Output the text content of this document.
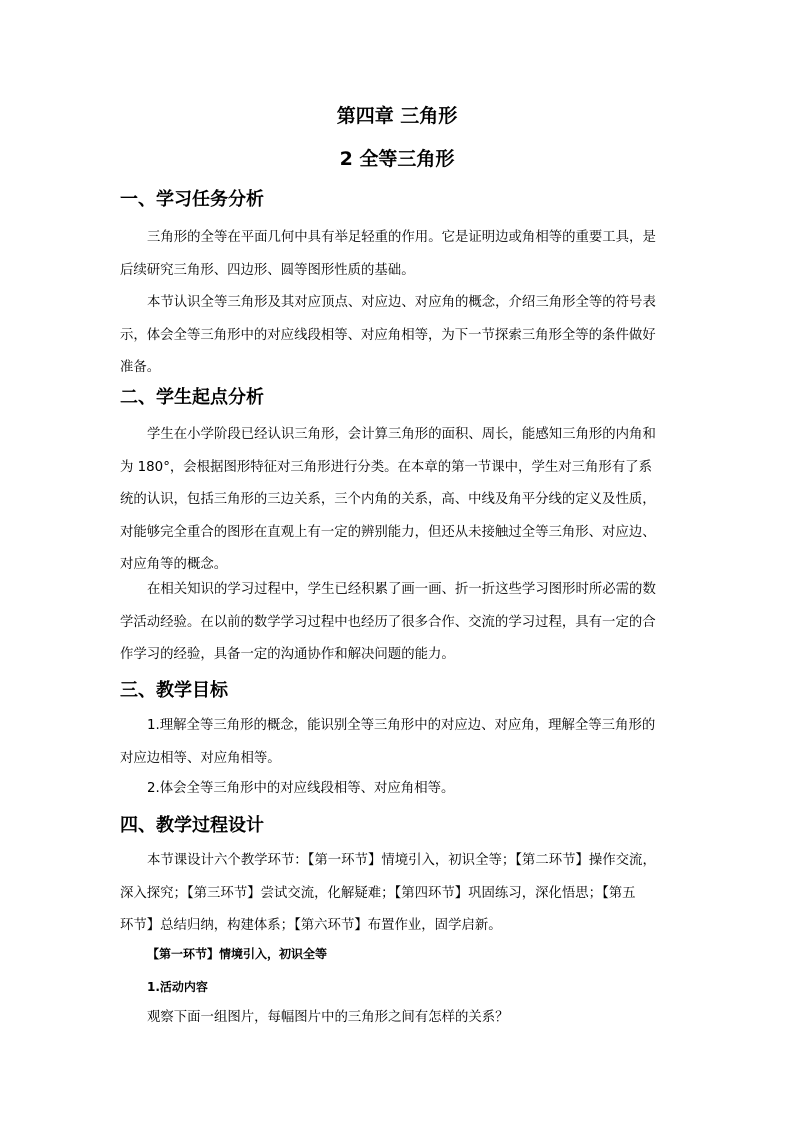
第四章 三角形
2 全等三角形
一、学习任务分析
三角形的全等在平面几何中具有举足轻重的作用。它是证明边或角相等的重要工具，是
后续研究三角形、四边形、圆等图形性质的基础。
本节认识全等三角形及其对应顶点、对应边、对应角的概念，介绍三角形全等的符号表
示，体会全等三角形中的对应线段相等、对应角相等，为下一节探索三角形全等的条件做好
准备。
二、学生起点分析
学生在小学阶段已经认识三角形，会计算三角形的面积、周长，能感知三角形的内角和
为 180°，会根据图形特征对三角形进行分类。在本章的第一节课中，学生对三角形有了系
统的认识，包括三角形的三边关系，三个内角的关系，高、中线及角平分线的定义及性质，
对能够完全重合的图形在直观上有一定的辨别能力，但还从未接触过全等三角形、对应边、
对应角等的概念。
在相关知识的学习过程中，学生已经积累了画一画、折一折这些学习图形时所必需的数
学活动经验。在以前的数学学习过程中也经历了很多合作、交流的学习过程，具有一定的合
作学习的经验，具备一定的沟通协作和解决问题的能力。
三、教学目标
1.理解全等三角形的概念，能识别全等三角形中的对应边、对应角，理解全等三角形的
对应边相等、对应角相等。
2.体会全等三角形中的对应线段相等、对应角相等。
四、教学过程设计
本节课设计六个教学环节：【第一环节】情境引入，初识全等；【第二环节】操作交流，
深入探究；【第三环节】尝试交流，化解疑难；【第四环节】巩固练习，深化悟思；【第五
环节】总结归纳，构建体系；【第六环节】布置作业，固学启新。
【第一环节】情境引入，初识全等
1.活动内容
观察下面一组图片，每幅图片中的三角形之间有怎样的关系？
